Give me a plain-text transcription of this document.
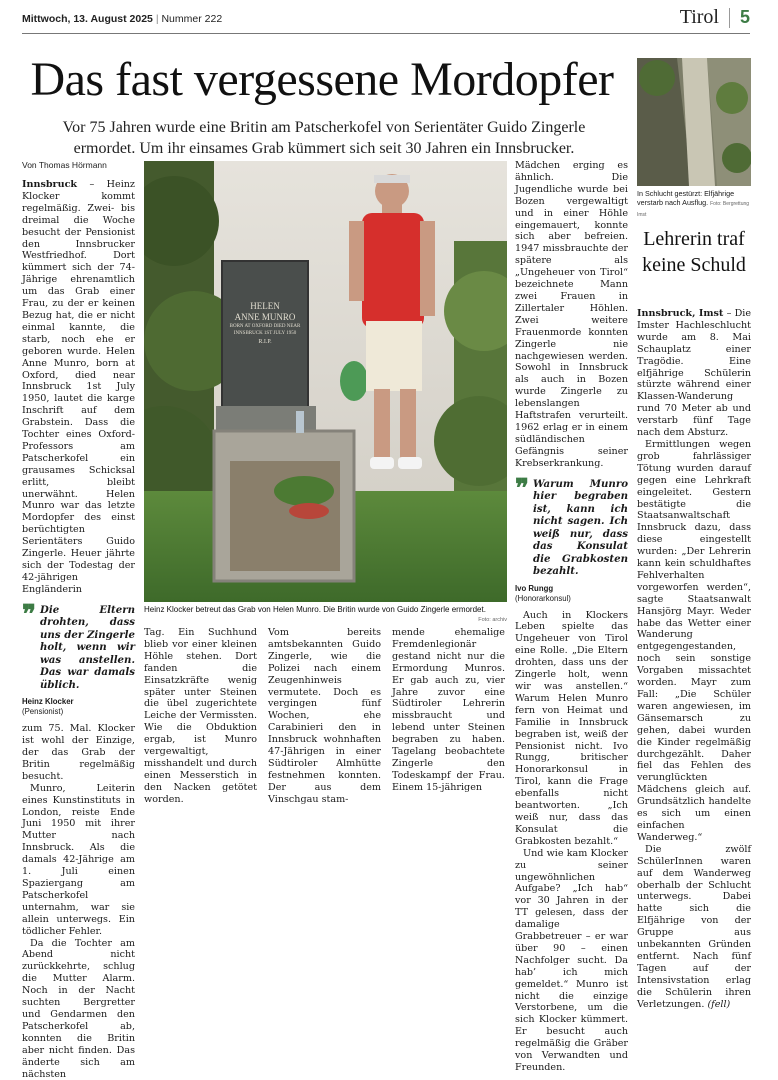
Mittwoch, 13. August 2025 | Nummer 222	Tirol 5
Das fast vergessene Mordopfer
Vor 75 Jahren wurde eine Britin am Patscherkofel von Serientäter Guido Zingerle ermordet. Um ihr einsames Grab kümmert sich seit 30 Jahren ein Innsbrucker.
Von Thomas Hörmann

Innsbruck – Heinz Klocker kommt regelmäßig. Zwei- bis dreimal die Woche besucht der Pensionist den Innsbrucker Westfriedhof. Dort kümmert sich der 74-Jährige ehrenamtlich um das Grab einer Frau, zu der er keinen Bezug hat, die er nicht einmal kannte, die starb, noch ehe er geboren wurde. Helen Anne Munro, born at Oxford, died near Innsbruck 1st July 1950, lautet die karge Inschrift auf dem Grabstein. Dass die Tochter eines Oxford-Professors am Patscherkofel ein grausames Schicksal erlitt, bleibt unerwähnt. Helen Munro war das letzte Mordopfer des einst berüchtigten Serientäters Guido Zingerle. Heuer jährte sich der Todestag der 42-jährigen Engländerin

❞ Die Eltern drohten, dass uns der Zingerle holt, wenn wir was anstellen. Das war damals üblich.
Heinz Klocker
(Pensionist)

zum 75. Mal. Klocker ist wohl der Einzige, der das Grab der Britin regelmäßig besucht.

Munro, Leiterin eines Kunstinstituts in London, reiste Ende Juni 1950 mit ihrer Mutter nach Innsbruck. Als die damals 42-Jährige am 1. Juli einen Spaziergang am Patscherkofel unternahm, war sie allein unterwegs. Ein tödlicher Fehler.

Da die Tochter am Abend nicht zurückkehrte, schlug die Mutter Alarm. Noch in der Nacht suchten Bergretter und Gendarmen den Patscherkofel ab, konnten die Britin aber nicht finden. Das änderte sich am nächsten

HELEN
ANNE MUNRO
BORN AT OXFORD DIED NEAR
INNSBRUCK 1ST JULY 1950
R.I.P.
Heinz Klocker betreut das Grab von Helen Munro. Die Britin wurde von Guido Zingerle ermordet.
Foto: archiv

Tag. Ein Suchhund blieb vor einer kleinen Höhle stehen. Dort fanden die Einsatzkräfte wenig später unter Steinen die übel zugerichtete Leiche der Vermissten. Wie die Obduktion ergab, ist Munro vergewaltigt, misshandelt und durch einen Messerstich in den Nacken getötet worden.

Vom bereits amtsbekannten Guido Zingerle, wie die Polizei nach einem Zeugenhinweis vermutete. Doch es vergingen fünf Wochen, ehe Carabinieri den in Innsbruck wohnhaften 47-Jährigen in einer Südtiroler Almhütte festnehmen konnten. Der aus dem Vinschgau stam-

mende ehemalige Fremdenlegionär gestand nicht nur die Ermordung Munros. Er gab auch zu, vier Jahre zuvor eine Südtiroler Lehrerin missbraucht und lebend unter Steinen begraben zu haben. Tagelang beobachtete Zingerle den Todeskampf der Frau. Einem 15-jährigen

Mädchen erging es ähnlich. Die Jugendliche wurde bei Bozen vergewaltigt und in einer Höhle eingemauert, konnte sich aber befreien. 1947 missbrauchte der spätere als „Ungeheuer von Tirol“ bezeichnete Mann zwei Frauen in Zillertaler Höhlen. Zwei weitere Frauenmorde konnten Zingerle nie nachgewiesen werden. Sowohl in Innsbruck als auch in Bozen wurde Zingerle zu lebenslangen Haftstrafen verurteilt. 1962 erlag er in einem südländischen Gefängnis seiner Krebserkrankung.

❞ Warum Munro hier begraben ist, kann ich nicht sagen. Ich weiß nur, dass das Konsulat die Grabkosten bezahlt.
Ivo Rungg
(Honorarkonsul)

Auch in Klockers Leben spielte das Ungeheuer von Tirol eine Rolle. „Die Eltern drohten, dass uns der Zingerle holt, wenn wir was anstellen.“ Warum Helen Munro fern von Heimat und Familie in Innsbruck begraben ist, weiß der Pensionist nicht. Ivo Rungg, britischer Honorarkonsul in Tirol, kann die Frage ebenfalls nicht beantworten. „Ich weiß nur, dass das Konsulat die Grabkosten bezahlt.“

Und wie kam Klocker zu seiner ungewöhnlichen Aufgabe? „Ich hab“ vor 30 Jahren in der TT gelesen, dass der damalige Grabbetreuer – er war über 90 – einen Nachfolger sucht. Da hab’ ich mich gemeldet.“ Munro ist nicht die einzige Verstorbene, um die sich Klocker kümmert. Er besucht auch regelmäßig die Gräber von Verwandten und Freunden.

In Schlucht gestürzt: Elfjährige verstarb nach Ausflug. Foto: Bergrettung Imst
Lehrerin traf keine Schuld

Innsbruck, Imst – Die Imster Hachleschlucht wurde am 8. Mai Schauplatz einer Tragödie. Eine elfjährige Schülerin stürzte während einer Klassen-Wanderung rund 70 Meter ab und verstarb fünf Tage nach dem Absturz.

Ermittlungen wegen grob fahrlässiger Tötung wurden darauf gegen eine Lehrkraft eingeleitet. Gestern bestätigte die Staatsanwaltschaft Innsbruck dazu, dass diese eingestellt wurden: „Der Lehrerin kann kein schuldhaftes Fehlverhalten vorgeworfen werden“, sagte Staatsanwalt Hansjörg Mayr. Weder habe das Wetter einer Wanderung entgegengestanden, noch sein sonstige Vorgaben missachtet worden. Mayr zum Fall: „Die Schüler waren angewiesen, im Gänsemarsch zu gehen, dabei wurden die Kinder regelmäßig durchgezählt. Daher fiel das Fehlen des verunglückten Mädchens gleich auf. Grundsätzlich handelte es sich um einen einfachen Wanderweg.“

Die zwölf SchülerInnen waren auf dem Wanderweg oberhalb der Schlucht unterwegs. Dabei hatte sich die Elfjährige von der Gruppe aus unbekannten Gründen entfernt. Nach fünf Tagen auf der Intensivstation erlag die Schülerin ihren Verletzungen. (fell)
